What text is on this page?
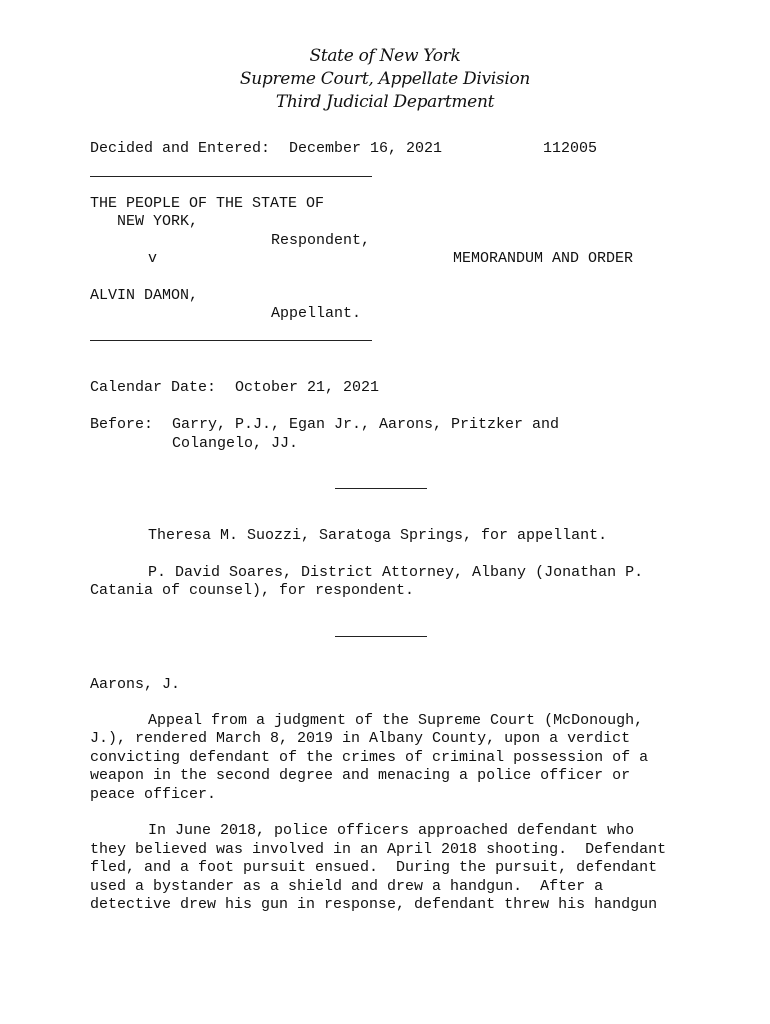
State of New York
Supreme Court, Appellate Division
Third Judicial Department
Decided and Entered: December 16, 2021	112005
THE PEOPLE OF THE STATE OF
NEW YORK,
Respondent,
v	MEMORANDUM AND ORDER
ALVIN DAMON,
Appellant.
Calendar Date: October 21, 2021
Before: Garry, P.J., Egan Jr., Aarons, Pritzker and
Colangelo, JJ.
Theresa M. Suozzi, Saratoga Springs, for appellant.
P. David Soares, District Attorney, Albany (Jonathan P.
Catania of counsel), for respondent.
Aarons, J.
Appeal from a judgment of the Supreme Court (McDonough,
J.), rendered March 8, 2019 in Albany County, upon a verdict
convicting defendant of the crimes of criminal possession of a
weapon in the second degree and menacing a police officer or
peace officer.
In June 2018, police officers approached defendant who
they believed was involved in an April 2018 shooting.  Defendant
fled, and a foot pursuit ensued.  During the pursuit, defendant
used a bystander as a shield and drew a handgun.  After a
detective drew his gun in response, defendant threw his handgun
